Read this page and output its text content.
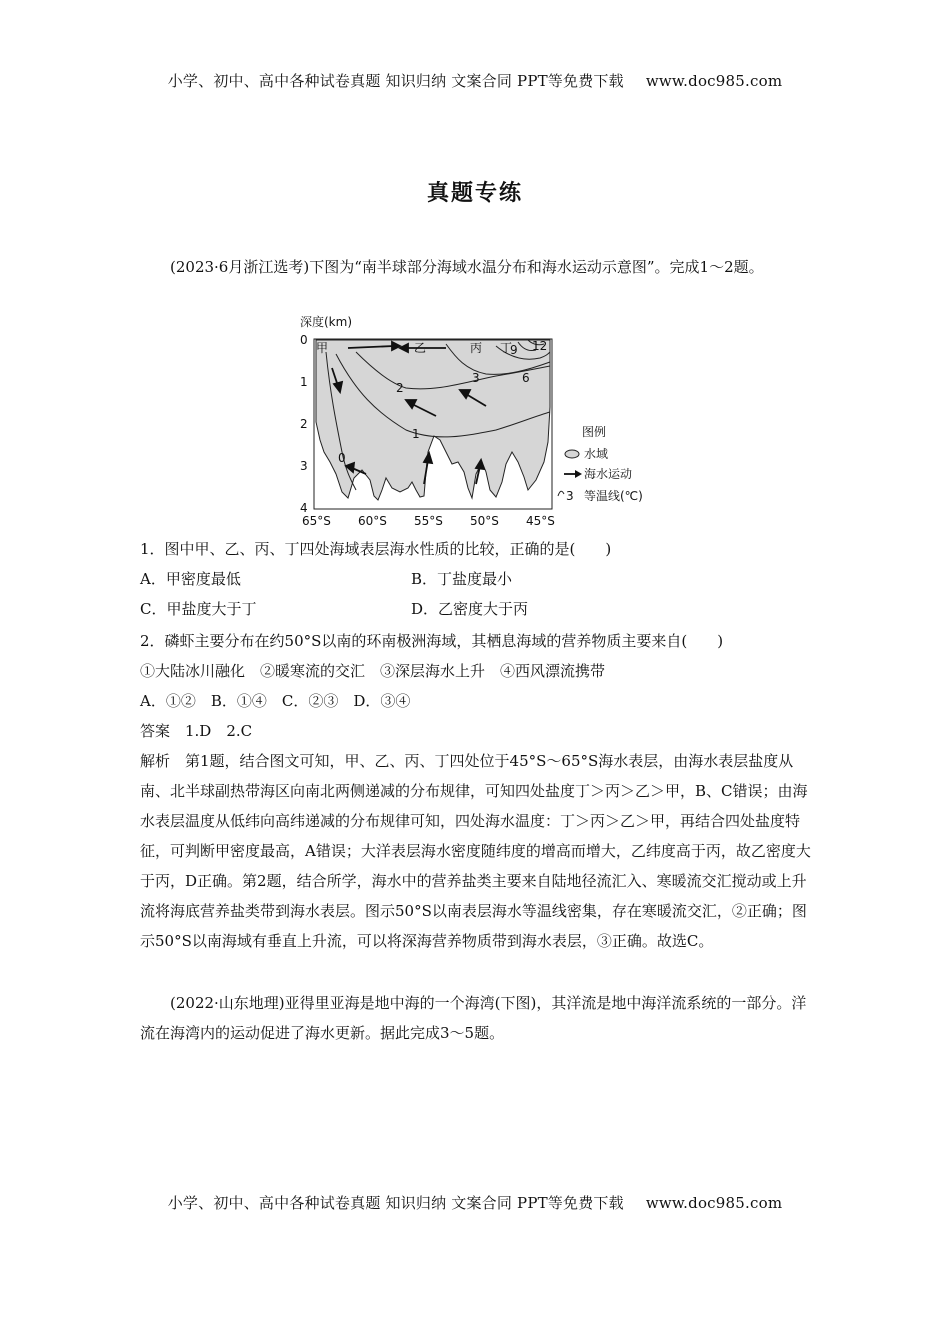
小学、初中、高中各种试卷真题 知识归纳 文案合同 PPT等免费下载 www.doc985.com
真题专练

(2023·6月浙江选考)下图为“南半球部分海域水温分布和海水运动示意图”。完成1～2题。

深度(km)
甲	乙	丙 丁
0
1
2
3	6
9 12
0
1
2
3
4
65°S 60°S 55°S 50°S 45°S
图例
水域
海水运动
3 等温线(℃)
1．图中甲、乙、丙、丁四处海域表层海水性质的比较，正确的是(　　)
A．甲密度最低	B．丁盐度最小
C．甲盐度大于丁	D．乙密度大于丙
2．磷虾主要分布在约50°S以南的环南极洲海域，其栖息海域的营养物质主要来自(　　)
①大陆冰川融化　②暖寒流的交汇　③深层海水上升　④西风漂流携带
A．①②　B．①④　C．②③　D．③④
答案　1.D　2.C

解析　第1题，结合图文可知，甲、乙、丙、丁四处位于45°S～65°S海水表层，由海水表层盐度从南、北半球副热带海区向南北两侧递减的分布规律，可知四处盐度丁＞丙＞乙＞甲，B、C错误；由海水表层温度从低纬向高纬递减的分布规律可知，四处海水温度：丁＞丙＞乙＞甲，再结合四处盐度特征，可判断甲密度最高，A错误；大洋表层海水密度随纬度的增高而增大，乙纬度高于丙，故乙密度大于丙，D正确。第2题，结合所学，海水中的营养盐类主要来自陆地径流汇入、寒暖流交汇搅动或上升流将海底营养盐类带到海水表层。图示50°S以南表层海水等温线密集，存在寒暖流交汇，②正确；图示50°S以南海域有垂直上升流，可以将深海营养物质带到海水表层，③正确。故选C。

(2022·山东地理)亚得里亚海是地中海的一个海湾(下图)，其洋流是地中海洋流系统的一部分。洋流在海湾内的运动促进了海水更新。据此完成3～5题。

小学、初中、高中各种试卷真题 知识归纳 文案合同 PPT等免费下载 www.doc985.com
